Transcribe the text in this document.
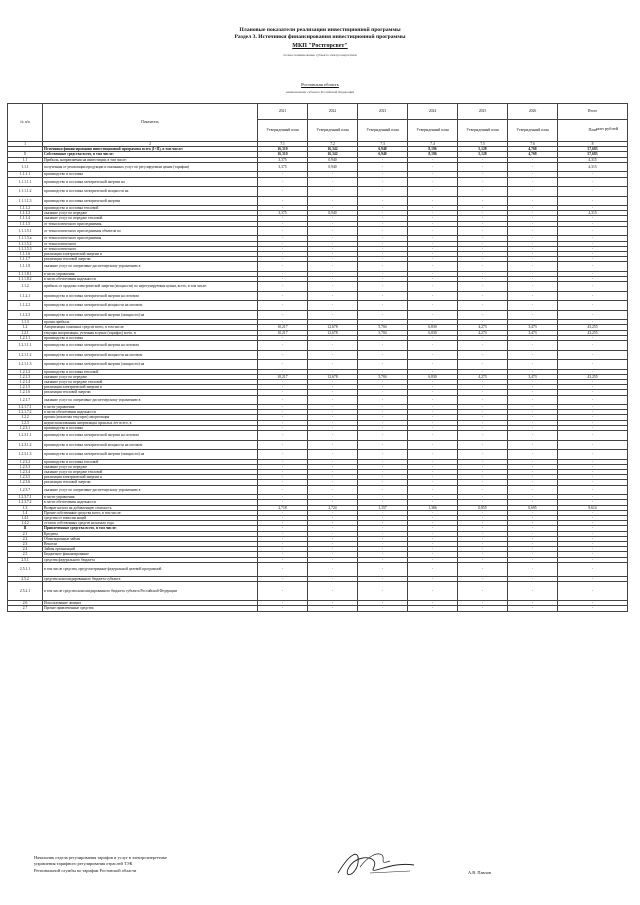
Плановые показатели реализации инвестиционной программы
Раздел 3. Источники финансирования инвестиционной программы
МКП "Ростгорсвет"
полное наименование субъекта электроэнергетики
Ростовская область
наименование субъекта Российской Федерации
млн рублей
№ п/п	Показатель	2021	2022	2023	2024	2025	2026	Итого
		Утвержденный план	Утвержденный план	Утвержденный план	Утвержденный план	Утвержденный план	Утвержденный план	План
1	2	7.1	7.2	7.3	7.4	7.5	7.6	8
	Источники финансирования инвестиционной программы всего (I+II), в том числе:	16,310	16,342	6,940	8,196	5,128	4,768	57,683
I	Собственные средства всего, в том числе:	16,310	16,342	6,940	8,196	5,128	4,768	57,683
1.1	Прибыль, направляемая на инвестиции, в том числе:	3,375	0,940	-	-	-	-	4,315
1.1.1	полученная от реализации продукции и оказанных услуг по регулируемым ценам (тарифам)	3,375	0,940	-	-	-	-	4,315
1.1.1.1	производство и поставка	-	-	-	-	-	-	-
1.1.1.1.1	производство и поставка электрической энергии на	-	-	-	-	-	-	-
1.1.1.1.2	производство и поставка электрической мощности на	-	-	-	-	-	-	-
1.1.1.1.3	производство и поставка электрической энергии	-	-	-	-	-	-	-
1.1.1.2	производство и поставка тепловой	-	-	-	-	-	-	-
1.1.1.3	оказание услуг по передаче	3,375	0,940	-	-	-	-	4,315
1.1.1.4	оказание услуг по передаче тепловой	-	-	-	-	-	-	-
1.1.1.5	от технологического присоединения,	-	-	-	-	-	-	-
1.1.1.5.1	от технологического присоединения объектов по	-	-	-	-	-	-	-
1.1.1.5.a	от технологического присоединения	-	-	-	-	-	-	-
1.1.1.5.2	от технологического	-	-	-	-	-	-	-
1.1.1.5.3	от технологического	-	-	-	-	-	-	-
1.1.1.6	реализация электрической энергии и	-	-	-	-	-	-	-
1.1.1.7	реализация тепловой энергии	-	-	-	-	-	-	-
1.1.1.8	оказание услуг по оперативно-диспетчерскому управлению в	-	-	-	-	-	-	-
1.1.1.8.1	в части управления	-	-	-	-	-	-	-
1.1.1.8.2	в части обеспечения надежности	-	-	-	-	-	-	-
1.1.2	прибыль от продажи электрической энергии (мощности) по нерегулируемым ценам, всего, в том числе:	-	-	-	-	-	-	-
1.1.2.1	производство и поставка электрической энергии на оптовом	-	-	-	-	-	-	-
1.1.2.2	производство и поставка электрической мощности на оптовом	-	-	-	-	-	-	-
1.1.2.3	производство и поставка электрической энергии (мощности) на	-	-	-	-	-	-	-
1.1.3	прочая прибыль	-	-	-	-	-	-	-
1.2	Амортизация основных средств всего, в том числе:	10,217	12,678	5,704	6,830	4,273	3,473	43,255
1.2.1	текущая амортизация, учтенная в ценах (тарифах) всего, в	10,217	12,678	5,704	6,830	4,273	3,473	43,255
1.2.1.1	производство и поставка	-	-	-	-	-	-	-
1.2.1.1.1	производство и поставка электрической энергии на оптовом	-	-	-	-	-	-	-
1.2.1.1.2	производство и поставка электрической мощности на оптовом	-	-	-	-	-	-	-
1.2.1.1.3	производство и поставка электрической энергии (мощности) на	-	-	-	-	-	-	-
1.2.1.2	производство и поставка тепловой	-	-	-	-	-	-	-
1.2.1.3	оказание услуг по передаче	10,217	12,678	5,704	6,830	4,273	3,473	43,255
1.2.1.4	оказание услуг по передаче тепловой	-	-	-	-	-	-	-
1.2.1.5	реализация электрической энергии и	-	-	-	-	-	-	-
1.2.1.6	реализация тепловой энергии	-	-	-	-	-	-	-
1.2.1.7	оказание услуг по оперативно-диспетчерскому управлению в	-	-	-	-	-	-	-
1.2.1.7.1	в части управления	-	-	-	-	-	-	-
1.2.1.7.2	в части обеспечения надежности	-	-	-	-	-	-	-
1.2.2	прочая (исключая текущую) амортизация	-	-	-	-	-	-	-
1.2.3	недоиспользованная амортизация прошлых лет всего, в	-	-	-	-	-	-	-
1.2.3.1	производство и поставка	-	-	-	-	-	-	-
1.2.3.1.1	производство и поставка электрической энергии на оптовом	-	-	-	-	-	-	-
1.2.3.1.2	производство и поставка электрической мощности на оптовом	-	-	-	-	-	-	-
1.2.3.1.3	производство и поставка электрической энергии (мощности) на	-	-	-	-	-	-	-
1.2.3.2	производство и поставка тепловой	-	-	-	-	-	-	-
1.2.3.3	оказание услуг по передаче	-	-	-	-	-	-	-
1.2.3.4	оказание услуг по передаче тепловой	-	-	-	-	-	-	-
1.2.3.5	реализация электрической энергии и	-	-	-	-	-	-	-
1.2.3.6	реализация тепловой энергии	-	-	-	-	-	-	-
1.2.3.7	оказание услуг по оперативно-диспетчерскому управлению в	-	-	-	-	-	-	-
1.2.3.7.1	в части управления	-	-	-	-	-	-	-
1.2.3.7.2	в части обеспечения надежности	-	-	-	-	-	-	-
1.3	Возврат налога на добавленную стоимость	2,718	2,724	1,157	1,366	0,855	0,695	9,614
1.4	Прочие собственные средства всего, в том числе:	-	-	-	-	-	-	-
1.4.1	средства от эмиссии акций	-	-	-	-	-	-	-
1.4.2	остаток собственных средств на начало года	-	-	-	-	-	-	-
II	Привлеченные средства всего, в том числе:	-	-	-	-	-	-	-
2.1	Кредиты	-	-	-	-	-	-	-
2.2	Облигационные займы	-	-	-	-	-	-	-
2.3	Вексели	-	-	-	-	-	-	-
2.4	Займы организаций	-	-	-	-	-	-	-
2.5	Бюджетное финансирование	-	-	-	-	-	-	-
2.5.1	средства федерального бюджета	-	-	-	-	-	-	-
2.5.1.1	в том числе средства, предусмотренные федеральной целевой программой	-	-	-	-	-	-	-
2.5.2	средства консолидированного бюджета субъекта	-	-	-	-	-	-	-
2.5.2.1	в том числе средства консолидированного бюджета субъекта Российской Федерации	-	-	-	-	-	-	-
2.6	Использование лизинга	-	-	-	-	-	-	-
2.7	Прочие привлеченные средства	-	-	-	-	-	-	-
Начальник отдела регулирования тарифов и услуг в электроэнергетике
управления тарифного регулирования отраслей ТЭК
Региональной службы по тарифам Ростовской области	А.В. Павлов
